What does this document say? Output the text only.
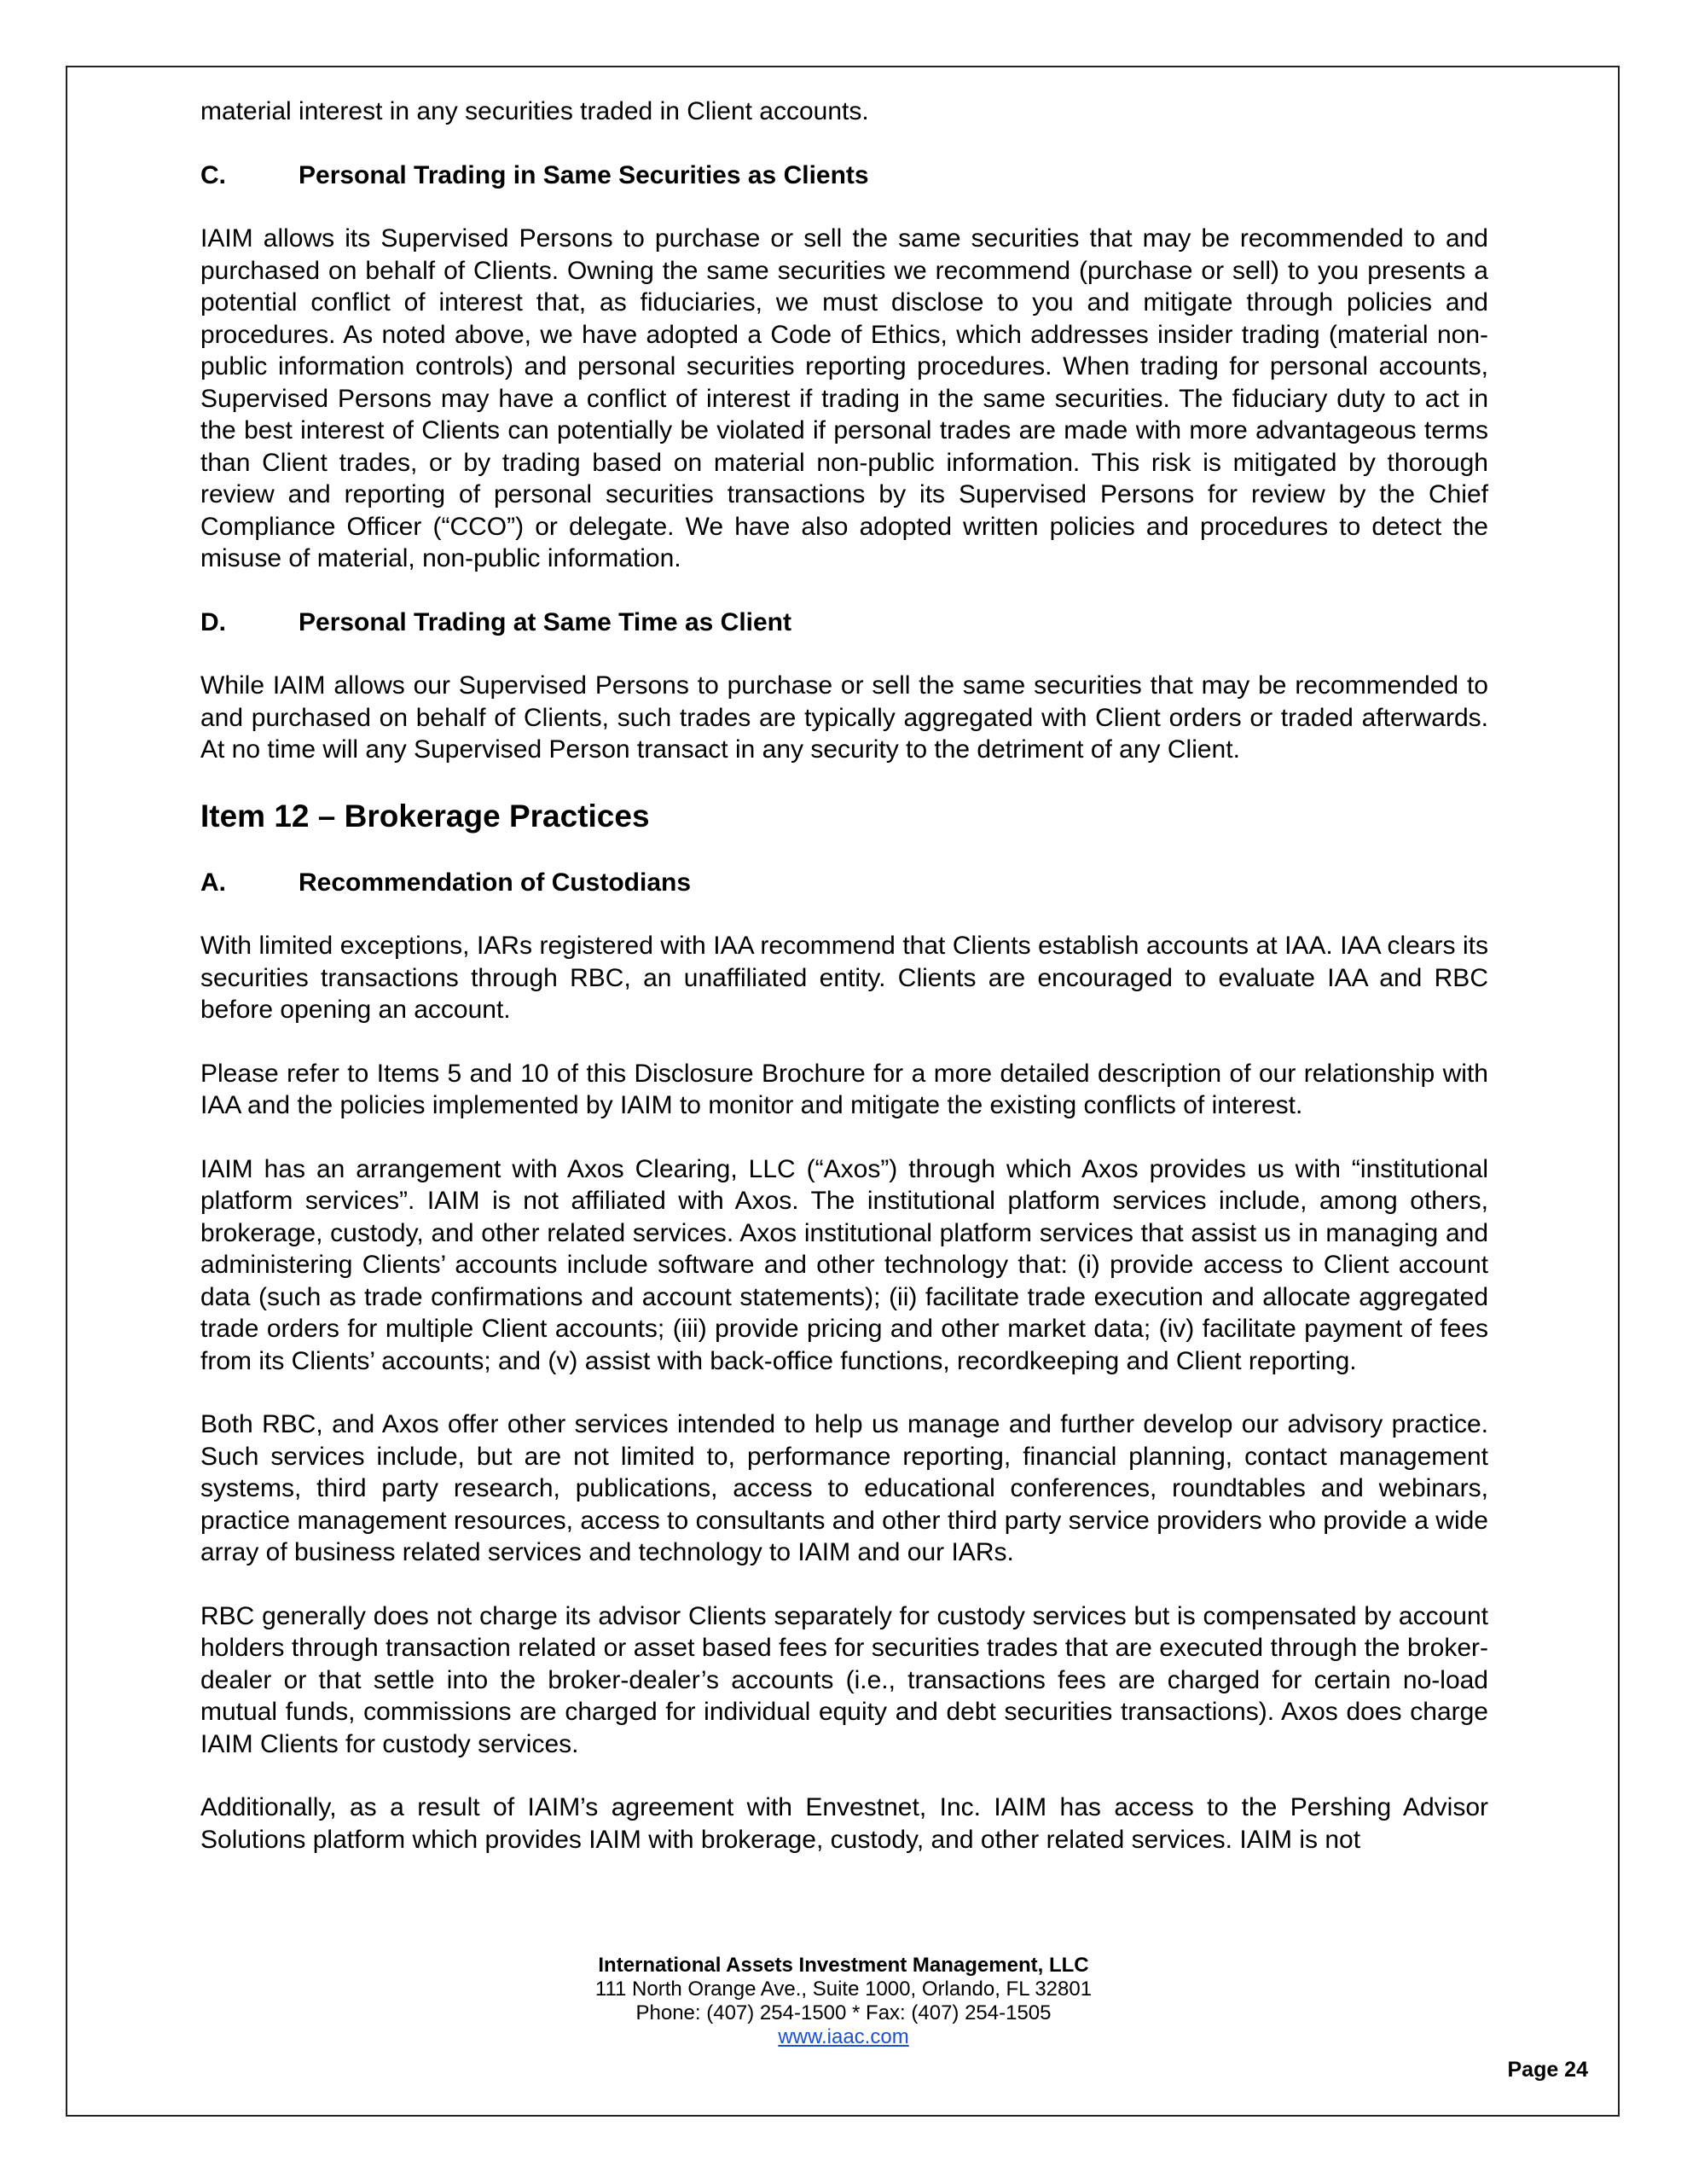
material interest in any securities traded in Client accounts.

C.	Personal Trading in Same Securities as Clients

IAIM allows its Supervised Persons to purchase or sell the same securities that may be recommended to and purchased on behalf of Clients. Owning the same securities we recommend (purchase or sell) to you presents a potential conflict of interest that, as fiduciaries, we must disclose to you and mitigate through policies and procedures. As noted above, we have adopted a Code of Ethics, which addresses insider trading (material non-public information controls) and personal securities reporting procedures. When trading for personal accounts, Supervised Persons may have a conflict of interest if trading in the same securities. The fiduciary duty to act in the best interest of Clients can potentially be violated if personal trades are made with more advantageous terms than Client trades, or by trading based on material non-public information. This risk is mitigated by thorough review and reporting of personal securities transactions by its Supervised Persons for review by the Chief Compliance Officer (“CCO”) or delegate. We have also adopted written policies and procedures to detect the misuse of material, non-public information.

D.	Personal Trading at Same Time as Client

While IAIM allows our Supervised Persons to purchase or sell the same securities that may be recommended to and purchased on behalf of Clients, such trades are typically aggregated with Client orders or traded afterwards. At no time will any Supervised Person transact in any security to the detriment of any Client.

Item 12 – Brokerage Practices
A.	Recommendation of Custodians

With limited exceptions, IARs registered with IAA recommend that Clients establish accounts at IAA. IAA clears its securities transactions through RBC, an unaffiliated entity. Clients are encouraged to evaluate IAA and RBC before opening an account.

Please refer to Items 5 and 10 of this Disclosure Brochure for a more detailed description of our relationship with IAA and the policies implemented by IAIM to monitor and mitigate the existing conflicts of interest.

IAIM has an arrangement with Axos Clearing, LLC (“Axos”) through which Axos provides us with “institutional platform services”. IAIM is not affiliated with Axos. The institutional platform services include, among others, brokerage, custody, and other related services. Axos institutional platform services that assist us in managing and administering Clients’ accounts include software and other technology that: (i) provide access to Client account data (such as trade confirmations and account statements); (ii) facilitate trade execution and allocate aggregated trade orders for multiple Client accounts; (iii) provide pricing and other market data; (iv) facilitate payment of fees from its Clients’ accounts; and (v) assist with back-office functions, recordkeeping and Client reporting.

Both RBC, and Axos offer other services intended to help us manage and further develop our advisory practice. Such services include, but are not limited to, performance reporting, financial planning, contact management systems, third party research, publications, access to educational conferences, roundtables and webinars, practice management resources, access to consultants and other third party service providers who provide a wide array of business related services and technology to IAIM and our IARs.

RBC generally does not charge its advisor Clients separately for custody services but is compensated by account holders through transaction related or asset based fees for securities trades that are executed through the broker-dealer or that settle into the broker-dealer’s accounts (i.e., transactions fees are charged for certain no-load mutual funds, commissions are charged for individual equity and debt securities transactions). Axos does charge IAIM Clients for custody services.

Additionally, as a result of IAIM’s agreement with Envestnet, Inc. IAIM has access to the Pershing Advisor Solutions platform which provides IAIM with brokerage, custody, and other related services. IAIM is not

International Assets Investment Management, LLC
111 North Orange Ave., Suite 1000, Orlando, FL 32801
Phone: (407) 254-1500 * Fax: (407) 254-1505
www.iaac.com
Page 24
